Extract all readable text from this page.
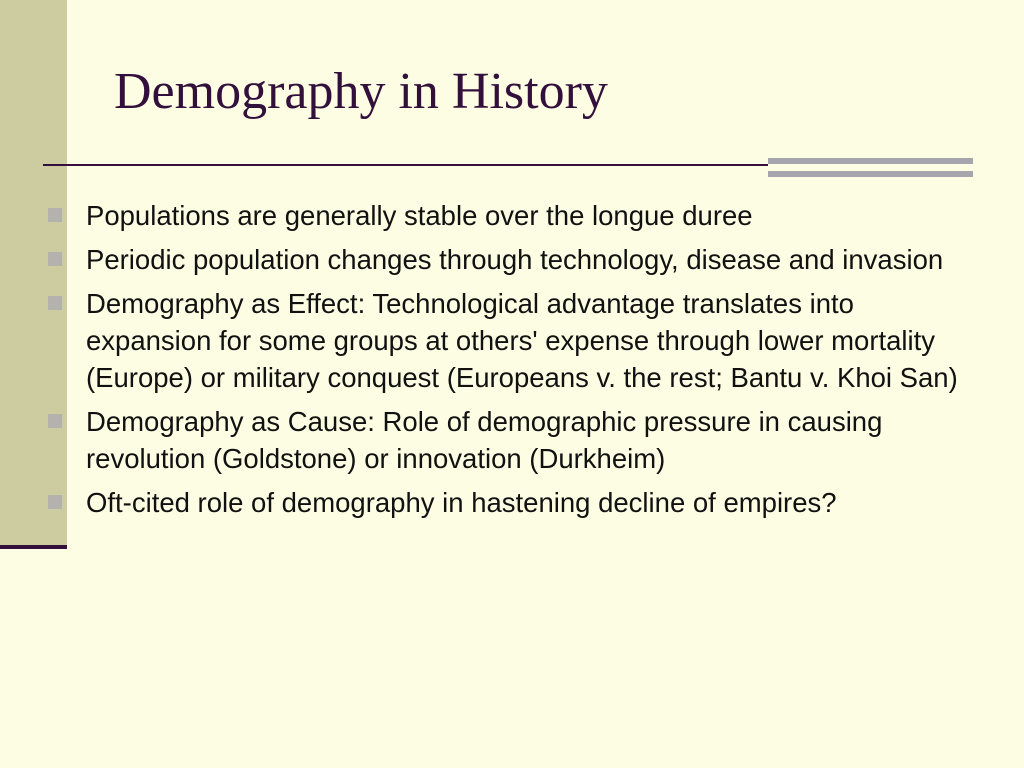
Demography in History
Populations are generally stable over the longue duree
Periodic population changes through technology, disease and invasion
Demography as Effect: Technological advantage translates into expansion for some groups at others' expense through lower mortality (Europe) or military conquest (Europeans v. the rest; Bantu v. Khoi San)
Demography as Cause: Role of demographic pressure in causing revolution (Goldstone) or innovation (Durkheim)
Oft-cited role of demography in hastening decline of empires?
